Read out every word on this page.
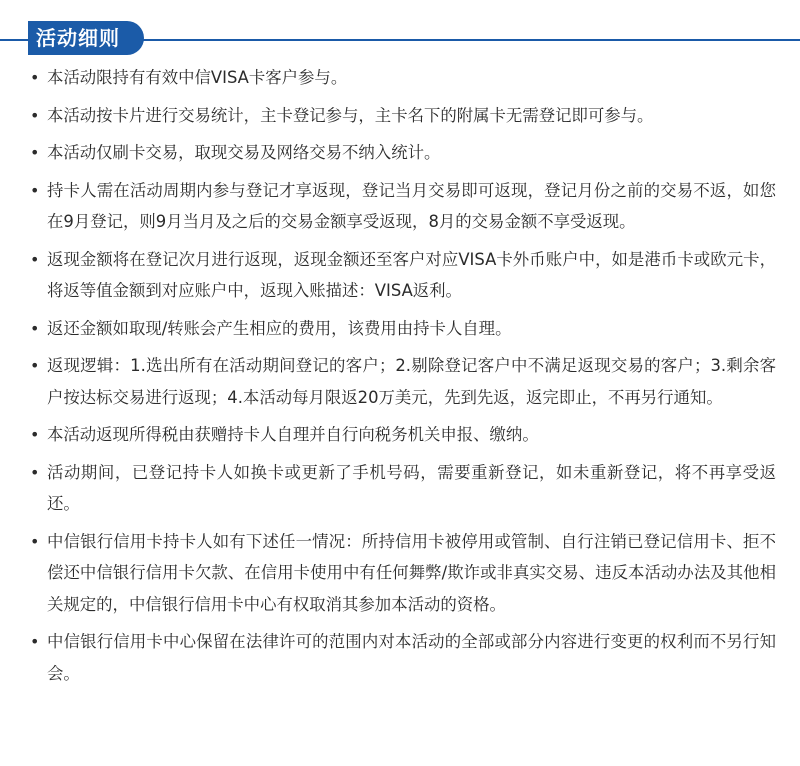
活动细则
• 本活动限持有有效中信VISA卡客户参与。
• 本活动按卡片进行交易统计，主卡登记参与，主卡名下的附属卡无需登记即可参与。
• 本活动仅刷卡交易，取现交易及网络交易不纳入统计。
• 持卡人需在活动周期内参与登记才享返现，登记当月交易即可返现，登记月份之前的交易不返，如您在9月登记，则9月当月及之后的交易金额享受返现，8月的交易金额不享受返现。
• 返现金额将在登记次月进行返现，返现金额还至客户对应VISA卡外币账户中，如是港币卡或欧元卡，将返等值金额到对应账户中，返现入账描述：VISA返利。
• 返还金额如取现/转账会产生相应的费用，该费用由持卡人自理。
• 返现逻辑：1.选出所有在活动期间登记的客户；2.剔除登记客户中不满足返现交易的客户；3.剩余客户按达标交易进行返现；4.本活动每月限返20万美元，先到先返，返完即止，不再另行通知。
• 本活动返现所得税由获赠持卡人自理并自行向税务机关申报、缴纳。
• 活动期间，已登记持卡人如换卡或更新了手机号码，需要重新登记，如未重新登记，将不再享受返还。
• 中信银行信用卡持卡人如有下述任一情况：所持信用卡被停用或管制、自行注销已登记信用卡、拒不偿还中信银行信用卡欠款、在信用卡使用中有任何舞弊/欺诈或非真实交易、违反本活动办法及其他相关规定的，中信银行信用卡中心有权取消其参加本活动的资格。
• 中信银行信用卡中心保留在法律许可的范围内对本活动的全部或部分内容进行变更的权利而不另行知会。
